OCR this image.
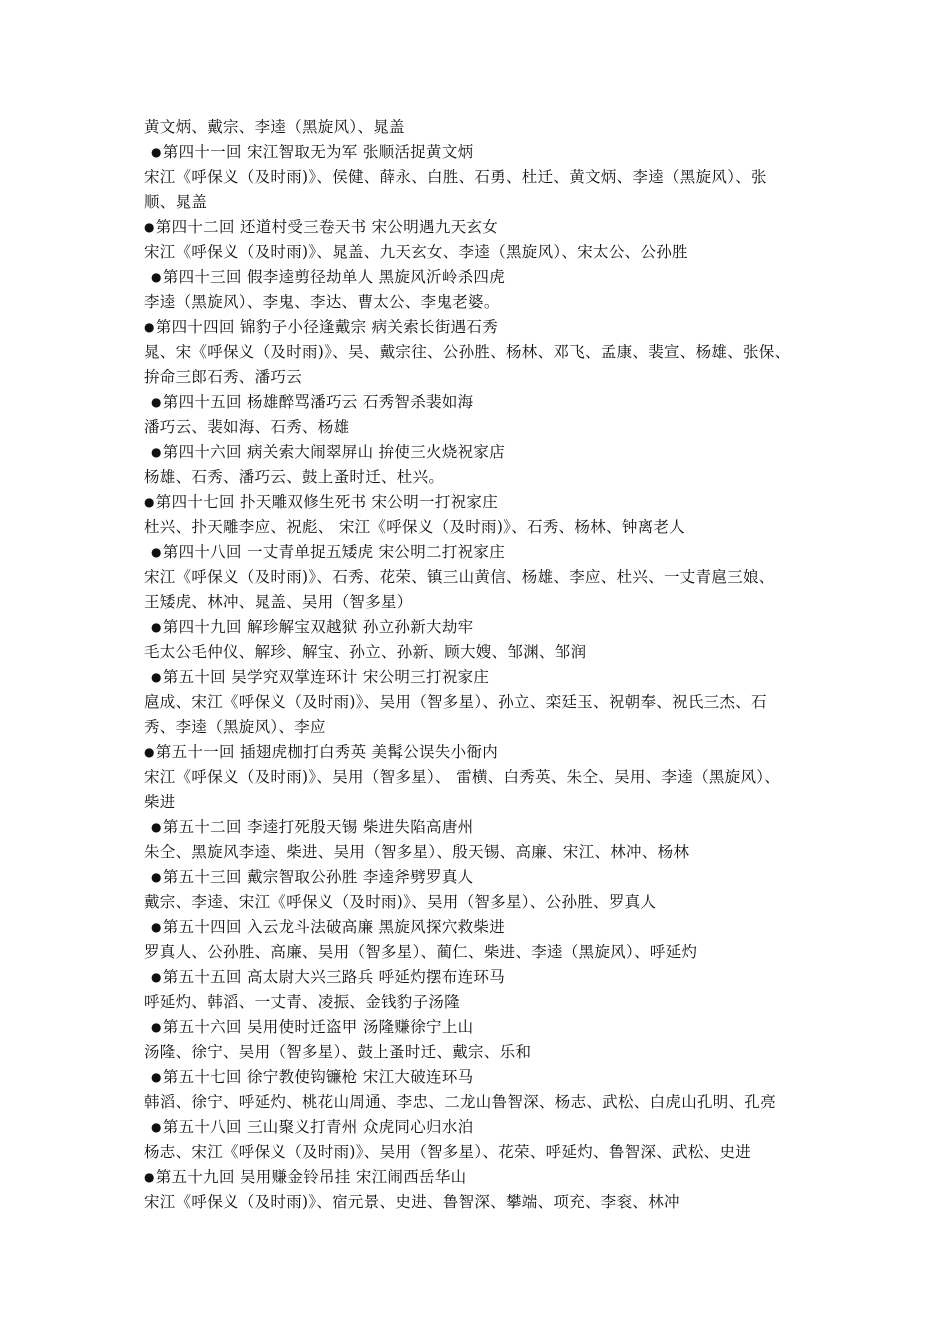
黄文炳、戴宗、李逵（黑旋风）、晁盖
●第四十一回 宋江智取无为军 张顺活捉黄文炳
宋江《呼保义（及时雨)》、侯健、薛永、白胜、石勇、杜迁、黄文炳、李逵（黑旋风）、张
顺、晁盖
●第四十二回 还道村受三卷天书 宋公明遇九天玄女
宋江《呼保义（及时雨)》、晁盖、九天玄女、李逵（黑旋风）、宋太公、公孙胜
●第四十三回 假李逵剪径劫单人 黑旋风沂岭杀四虎
李逵（黑旋风）、李鬼、李达、曹太公、李鬼老婆。
●第四十四回 锦豹子小径逢戴宗 病关索长街遇石秀
晁、宋《呼保义（及时雨)》、吴、戴宗往、公孙胜、杨林、邓飞、孟康、裴宣、杨雄、张保、
拚命三郎石秀、潘巧云
●第四十五回 杨雄醉骂潘巧云 石秀智杀裴如海
潘巧云、裴如海、石秀、杨雄
●第四十六回 病关索大闹翠屏山 拚使三火烧祝家店
杨雄、石秀、潘巧云、鼓上蚤时迁、杜兴。
●第四十七回 扑天雕双修生死书 宋公明一打祝家庄
杜兴、扑天雕李应、祝彪、 宋江《呼保义（及时雨)》、石秀、杨林、钟离老人
●第四十八回 一丈青单捉五矮虎 宋公明二打祝家庄
宋江《呼保义（及时雨)》、石秀、花荣、镇三山黄信、杨雄、李应、杜兴、一丈青扈三娘、
王矮虎、林冲、晁盖、吴用（智多星）
●第四十九回 解珍解宝双越狱 孙立孙新大劫牢
毛太公毛仲仪、解珍、解宝、孙立、孙新、顾大嫂、邹渊、邹润
●第五十回 吴学究双掌连环计 宋公明三打祝家庄
扈成、宋江《呼保义（及时雨)》、吴用（智多星）、孙立、栾廷玉、祝朝奉、祝氏三杰、石
秀、李逵（黑旋风）、李应
●第五十一回 插翅虎枷打白秀英 美髯公误失小衙内
宋江《呼保义（及时雨)》、吴用（智多星）、 雷横、白秀英、朱仝、吴用、李逵（黑旋风）、
柴进
●第五十二回 李逵打死殷天锡 柴进失陷高唐州
朱仝、黑旋风李逵、柴进、吴用（智多星）、殷天锡、高廉、宋江、林冲、杨林
●第五十三回 戴宗智取公孙胜 李逵斧劈罗真人
戴宗、李逵、宋江《呼保义（及时雨)》、吴用（智多星）、公孙胜、罗真人
●第五十四回 入云龙斗法破高廉 黑旋风探穴救柴进
罗真人、公孙胜、高廉、吴用（智多星）、蔺仁、柴进、李逵（黑旋风）、呼延灼
●第五十五回 高太尉大兴三路兵 呼延灼摆布连环马
呼延灼、韩滔、一丈青、凌振、金钱豹子汤隆
●第五十六回 吴用使时迁盗甲 汤隆赚徐宁上山
汤隆、徐宁、吴用（智多星）、鼓上蚤时迁、戴宗、乐和
●第五十七回 徐宁教使钩镰枪 宋江大破连环马
韩滔、徐宁、呼延灼、桃花山周通、李忠、二龙山鲁智深、杨志、武松、白虎山孔明、孔亮
●第五十八回 三山聚义打青州 众虎同心归水泊
杨志、宋江《呼保义（及时雨)》、吴用（智多星）、花荣、呼延灼、鲁智深、武松、史进
●第五十九回 吴用赚金铃吊挂 宋江闹西岳华山
宋江《呼保义（及时雨)》、宿元景、史进、鲁智深、攀端、项充、李衮、林冲
